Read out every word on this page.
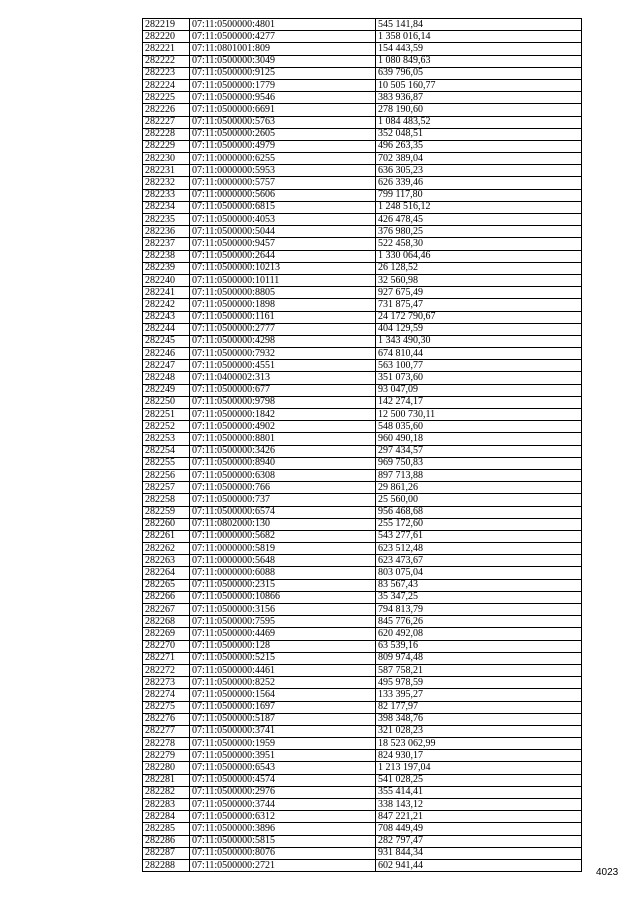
282219	07:11:0500000:4801	545 141,84
282220	07:11:0500000:4277	1 358 016,14
282221	07:11:0801001:809	154 443,59
282222	07:11:0500000:3049	1 080 849,63
282223	07:11:0500000:9125	639 796,05
282224	07:11:0500000:1779	10 505 160,77
282225	07:11:0500000:9546	383 936,87
282226	07:11:0500000:6691	278 190,60
282227	07:11:0500000:5763	1 084 483,52
282228	07:11:0500000:2605	352 048,51
282229	07:11:0500000:4979	496 263,35
282230	07:11:0000000:6255	702 389,04
282231	07:11:0000000:5953	636 305,23
282232	07:11:0000000:5757	626 339,46
282233	07:11:0000000:5606	799 117,80
282234	07:11:0500000:6815	1 248 516,12
282235	07:11:0500000:4053	426 478,45
282236	07:11:0500000:5044	376 980,25
282237	07:11:0500000:9457	522 458,30
282238	07:11:0500000:2644	1 330 064,46
282239	07:11:0500000:10213	26 128,52
282240	07:11:0500000:10111	32 560,98
282241	07:11:0500000:8805	927 675,49
282242	07:11:0500000:1898	731 875,47
282243	07:11:0500000:1161	24 172 790,67
282244	07:11:0500000:2777	404 129,59
282245	07:11:0500000:4298	1 343 490,30
282246	07:11:0500000:7932	674 810,44
282247	07:11:0500000:4551	563 100,77
282248	07:11:0400002:313	351 073,60
282249	07:11:0500000:677	93 047,09
282250	07:11:0500000:9798	142 274,17
282251	07:11:0500000:1842	12 500 730,11
282252	07:11:0500000:4902	548 035,60
282253	07:11:0500000:8801	960 490,18
282254	07:11:0500000:3426	297 434,57
282255	07:11:0500000:8940	969 750,83
282256	07:11:0500000:6308	897 713,88
282257	07:11:0500000:766	29 861,26
282258	07:11:0500000:737	25 560,00
282259	07:11:0500000:6574	956 468,68
282260	07:11:0802000:130	255 172,60
282261	07:11:0000000:5682	543 277,61
282262	07:11:0000000:5819	623 512,48
282263	07:11:0000000:5648	623 473,67
282264	07:11:0000000:6088	803 075,04
282265	07:11:0500000:2315	83 567,43
282266	07:11:0500000:10866	35 347,25
282267	07:11:0500000:3156	794 813,79
282268	07:11:0500000:7595	845 776,26
282269	07:11:0500000:4469	620 492,08
282270	07:11:0500000:128	63 539,16
282271	07:11:0500000:5215	809 974,48
282272	07:11:0500000:4461	587 758,21
282273	07:11:0500000:8252	495 978,59
282274	07:11:0500000:1564	133 395,27
282275	07:11:0500000:1697	82 177,97
282276	07:11:0500000:5187	398 348,76
282277	07:11:0500000:3741	321 028,23
282278	07:11:0500000:1959	18 523 062,99
282279	07:11:0500000:3951	824 930,17
282280	07:11:0500000:6543	1 213 197,04
282281	07:11:0500000:4574	541 028,25
282282	07:11:0500000:2976	355 414,41
282283	07:11:0500000:3744	338 143,12
282284	07:11:0500000:6312	847 221,21
282285	07:11:0500000:3896	708 449,49
282286	07:11:0500000:5815	282 797,47
282287	07:11:0500000:8076	931 844,34
282288	07:11:0500000:2721	602 941,44
4023
